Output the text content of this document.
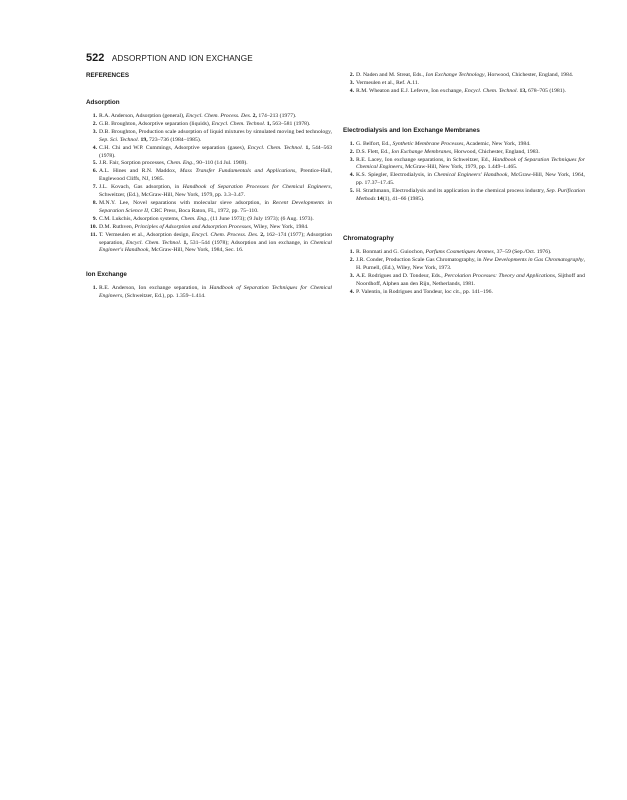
522 ADSORPTION AND ION EXCHANGE
REFERENCES
Adsorption
1. R.A. Anderson, Adsorption (general), Encycl. Chem. Process. Des. 2, 174–213 (1977).
2. G.B. Broughton, Adsorptive separation (liquids), Encycl. Chem. Technol. 1, 563–581 (1978).
3. D.B. Broughton, Production scale adsorption of liquid mixtures by simulated moving bed technology, Sep. Sci. Technol. 19, 723–736 (1984–1985).
4. C.H. Chi and W.P. Cummings, Adsorptive separation (gases), Encycl. Chem. Technol. 1, 544–563 (1978).
5. J.R. Fair, Sorption processes, Chem. Eng., 90–110 (14 Jul. 1969).
6. A.L. Hines and R.N. Maddox, Mass Transfer Fundamentals and Applications, Prentice-Hall, Englewood Cliffs, NJ, 1985.
7. J.L. Kovach, Gas adsorption, in Handbook of Separation Processes for Chemical Engineers, Schweitzer, (Ed.), McGraw-Hill, New York, 1979, pp. 3.3–3.47.
8. M.N.Y. Lee, Novel separations with molecular sieve adsorption, in Recent Developments in Separation Science II, CRC Press, Boca Raton, FL, 1972, pp. 75–110.
9. C.M. Lukchis, Adsorption systems, Chem. Eng., (11 June 1973); (9 July 1973); (6 Aug. 1973).
10. D.M. Ruthven, Principles of Adsorption and Adsorption Processes, Wiley, New York, 1984.
11. T. Vermeulen et al., Adsorption design, Encycl. Chem. Process. Des. 2, 162–174 (1977); Adsorption separation, Encycl. Chem. Technol. 1, 531–544 (1978); Adsorption and ion exchange, in Chemical Engineer's Handbook, McGraw-Hill, New York, 1984, Sec. 16.
Ion Exchange
1. R.E. Anderson, Ion exchange separation, in Handbook of Separation Techniques for Chemical Engineers, (Schweitzer, Ed.), pp. 1.359–1.414.
2. D. Naden and M. Streat, Eds., Ion Exchange Technology, Horwood, Chichester, England, 1984.
3. Vermeulen et al., Ref. A.11.
4. R.M. Wheaton and E.J. Lefevre, Ion exchange, Encycl. Chem. Technol. 13, 678–705 (1981).
Electrodialysis and Ion Exchange Membranes
1. G. Belfort, Ed., Synthetic Membrane Processes, Academic, New York, 1984.
2. D.S. Flett, Ed., Ion Exchange Membranes, Horwood, Chichester, England, 1983.
3. R.E. Lacey, Ion exchange separations, in Schweitzer, Ed., Handbook of Separation Techniques for Chemical Engineers, McGraw-Hill, New York, 1979, pp. 1.449–1.465.
4. K.S. Spiegler, Electrodialysis, in Chemical Engineers' Handbook, McGraw-Hill, New York, 1964, pp. 17.37–17.45.
5. H. Strathmann, Electrodialysis and its application in the chemical process industry, Sep. Purification Methods 14(1), 41–66 (1985).
Chromatography
1. R. Bonmati and G. Guiochon, Parfums Cosmetiques Aromes, 37–59 (Sep./Oct. 1976).
2. J.R. Conder, Production Scale Gas Chromatography, in New Developments in Gas Chromatography, H. Purnell, (Ed.), Wiley, New York, 1973.
3. A.E. Rodrigues and D. Tondeur, Eds., Percolation Processes: Theory and Applications, Sijthoff and Noordhoff, Alphen aan den Rijn, Netherlands, 1981.
4. P. Valentin, in Rodrigues and Tondeur, loc cit., pp. 141–196.
